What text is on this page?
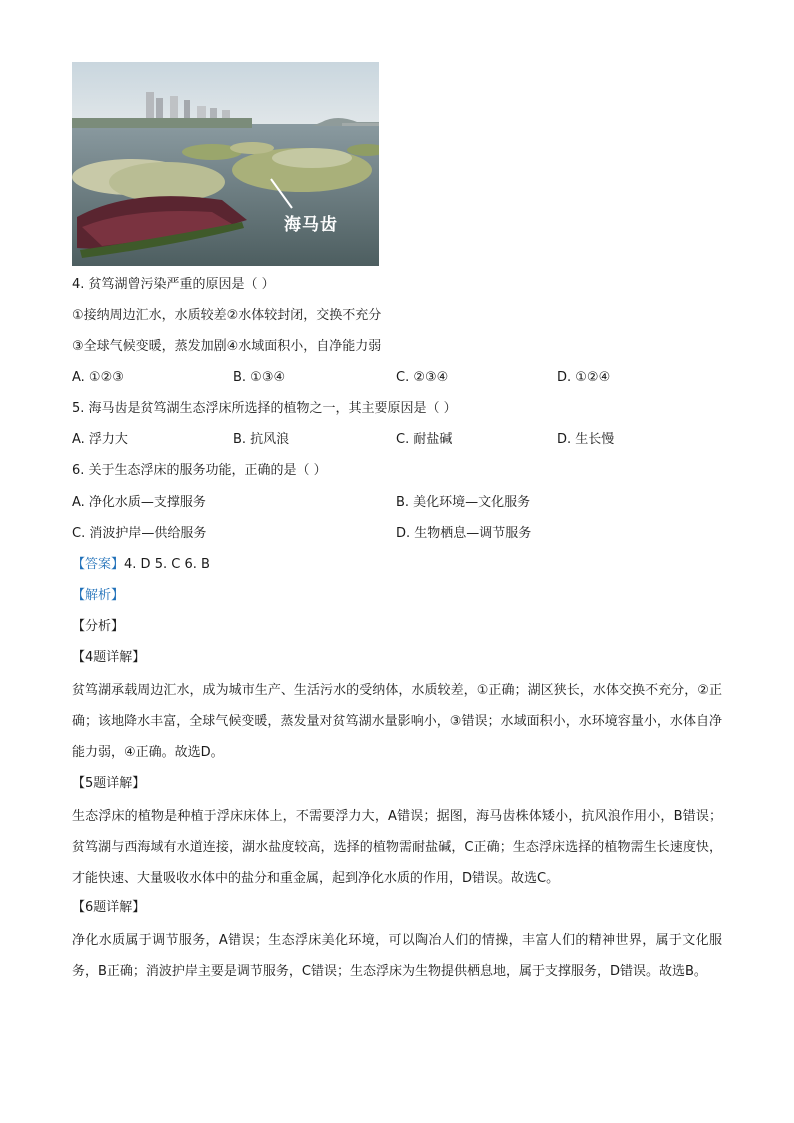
海马齿
4. 贫笃湖曾污染严重的原因是（ ）
①接纳周边汇水，水质较差②水体较封闭，交换不充分
③全球气候变暖，蒸发加剧④水域面积小，自净能力弱
A. ①②③	B. ①③④	C. ②③④	D. ①②④
5. 海马齿是贫笃湖生态浮床所选择的植物之一，其主要原因是（ ）
A. 浮力大	B. 抗风浪	C. 耐盐碱	D. 生长慢
6. 关于生态浮床的服务功能，正确的是（ ）
A. 净化水质—支撑服务	B. 美化环境—文化服务
C. 消波护岸—供给服务	D. 生物栖息—调节服务
【答案】4. D 5. C 6. B
【解析】
【分析】
【4题详解】
贫笃湖承载周边汇水，成为城市生产、生活污水的受纳体，水质较差，①正确；湖区狭长，水体交换不充分，②正确；该地降水丰富，全球气候变暖，蒸发量对贫笃湖水量影响小，③错误；水域面积小，水环境容量小，水体自净能力弱，④正确。故选D。
【5题详解】
生态浮床的植物是种植于浮床床体上，不需要浮力大，A错误；据图，海马齿株体矮小，抗风浪作用小，B错误；贫笃湖与西海域有水道连接，湖水盐度较高，选择的植物需耐盐碱，C正确；生态浮床选择的植物需生长速度快，才能快速、大量吸收水体中的盐分和重金属，起到净化水质的作用，D错误。故选C。
【6题详解】
净化水质属于调节服务，A错误；生态浮床美化环境，可以陶冶人们的情操，丰富人们的精神世界，属于文化服务，B正确；消波护岸主要是调节服务，C错误；生态浮床为生物提供栖息地，属于支撑服务，D错误。故选B。
